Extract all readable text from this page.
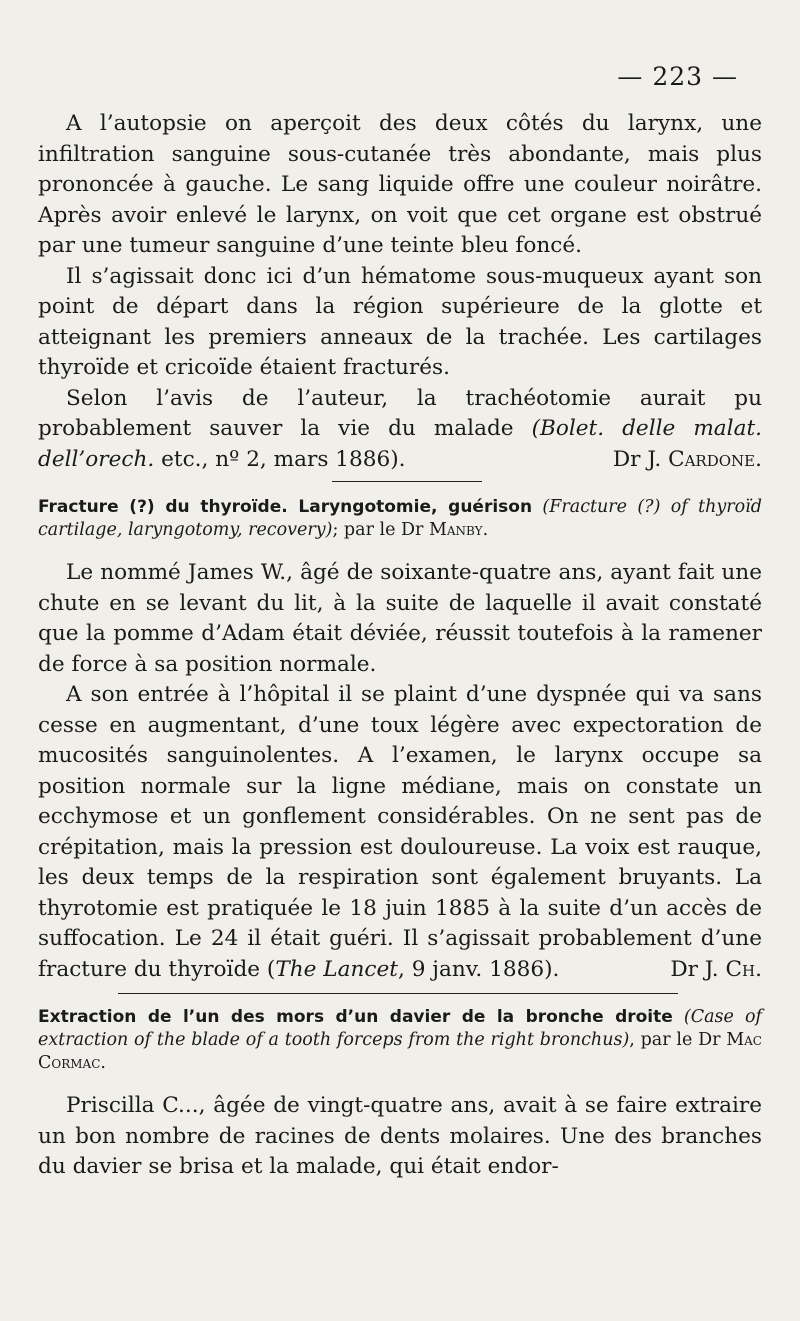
— 223 —

A l’autopsie on aperçoit des deux côtés du larynx, une infiltration sanguine sous-cutanée très abondante, mais plus prononcée à gauche. Le sang liquide offre une couleur noirâtre. Après avoir enlevé le larynx, on voit que cet organe est obstrué par une tumeur sanguine d’une teinte bleu foncé.

Il s’agissait donc ici d’un hématome sous-muqueux ayant son point de départ dans la région supérieure de la glotte et atteignant les premiers anneaux de la trachée. Les cartilages thyroïde et cricoïde étaient fracturés.

Selon l’avis de l’auteur, la trachéotomie aurait pu probablement sauver la vie du malade (Bolet. delle malat. dell’orech. etc., nº 2, mars 1886).	Dr J. Cardone.

Fracture (?) du thyroïde. Laryngotomie, guérison (Fracture (?) of thyroïd cartilage, laryngotomy, recovery); par le Dr Manby.

Le nommé James W., âgé de soixante-quatre ans, ayant fait une chute en se levant du lit, à la suite de laquelle il avait constaté que la pomme d’Adam était déviée, réussit toutefois à la ramener de force à sa position normale.

A son entrée à l’hôpital il se plaint d’une dyspnée qui va sans cesse en augmentant, d’une toux légère avec expectoration de mucosités sanguinolentes. A l’examen, le larynx occupe sa position normale sur la ligne médiane, mais on constate un ecchymose et un gonflement considérables. On ne sent pas de crépitation, mais la pression est douloureuse. La voix est rauque, les deux temps de la respiration sont également bruyants. La thyrotomie est pratiquée le 18 juin 1885 à la suite d’un accès de suffocation. Le 24 il était guéri. Il s’agissait probablement d’une fracture du thyroïde (The Lancet, 9 janv. 1886).	Dr J. Ch.

Extraction de l’un des mors d’un davier de la bronche droite (Case of extraction of the blade of a tooth forceps from the right bronchus), par le Dr Mac Cormac.

Priscilla C..., âgée de vingt-quatre ans, avait à se faire extraire un bon nombre de racines de dents molaires. Une des branches du davier se brisa et la malade, qui était endor-
